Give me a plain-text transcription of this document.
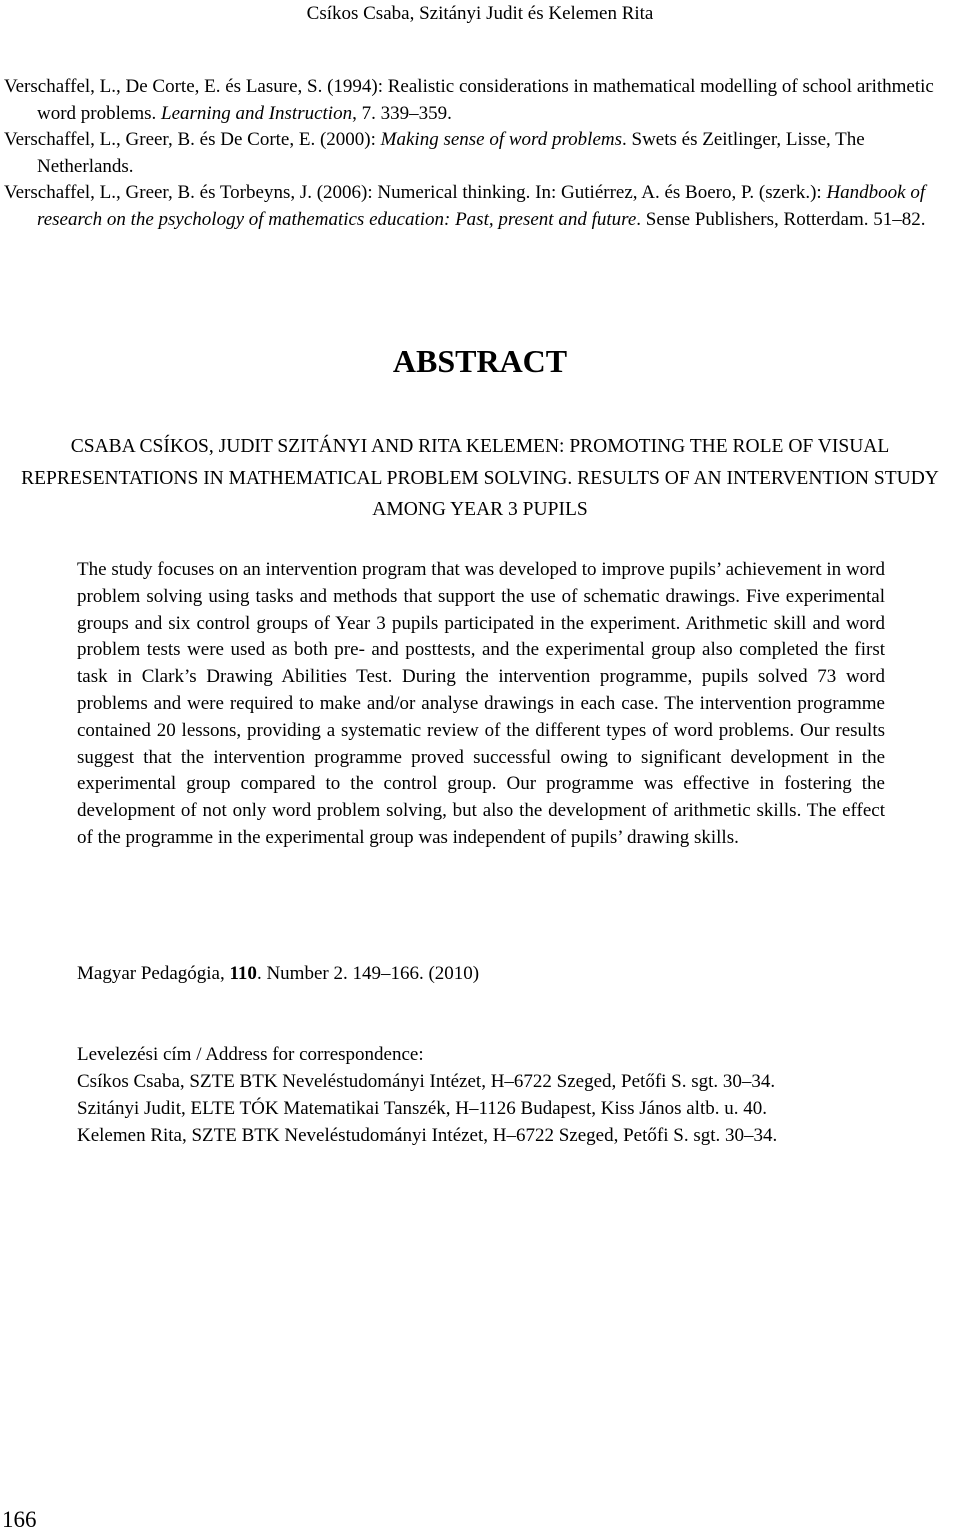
Csíkos Csaba, Szitányi Judit és Kelemen Rita

Verschaffel, L., De Corte, E. és Lasure, S. (1994): Realistic considerations in mathematical modelling of school arithmetic word problems. Learning and Instruction, 7. 339–359.

Verschaffel, L., Greer, B. és De Corte, E. (2000): Making sense of word problems. Swets és Zeitlinger, Lisse, The Netherlands.

Verschaffel, L., Greer, B. és Torbeyns, J. (2006): Numerical thinking. In: Gutiérrez, A. és Boero, P. (szerk.): Handbook of research on the psychology of mathematics education: Past, present and future. Sense Publishers, Rotterdam. 51–82.

ABSTRACT

CSABA CSÍKOS, JUDIT SZITÁNYI AND RITA KELEMEN: PROMOTING THE ROLE OF VISUAL REPRESENTATIONS IN MATHEMATICAL PROBLEM SOLVING. RESULTS OF AN INTERVENTION STUDY AMONG YEAR 3 PUPILS

The study focuses on an intervention program that was developed to improve pupils’ achievement in word problem solving using tasks and methods that support the use of schematic drawings. Five experimental groups and six control groups of Year 3 pupils participated in the experiment. Arithmetic skill and word problem tests were used as both pre- and posttests, and the experimental group also completed the first task in Clark’s Drawing Abilities Test. During the intervention programme, pupils solved 73 word problems and were required to make and/or analyse drawings in each case. The intervention programme contained 20 lessons, providing a systematic review of the different types of word problems. Our results suggest that the intervention programme proved successful owing to significant development in the experimental group compared to the control group. Our programme was effective in fostering the development of not only word problem solving, but also the development of arithmetic skills. The effect of the programme in the experimental group was independent of pupils’ drawing skills.

Magyar Pedagógia, 110. Number 2. 149–166. (2010)

Levelezési cím / Address for correspondence:
Csíkos Csaba, SZTE BTK Neveléstudományi Intézet, H–6722 Szeged, Petőfi S. sgt. 30–34.
Szitányi Judit, ELTE TÓK Matematikai Tanszék, H–1126 Budapest, Kiss János altb. u. 40.
Kelemen Rita, SZTE BTK Neveléstudományi Intézet, H–6722 Szeged, Petőfi S. sgt. 30–34.
166
